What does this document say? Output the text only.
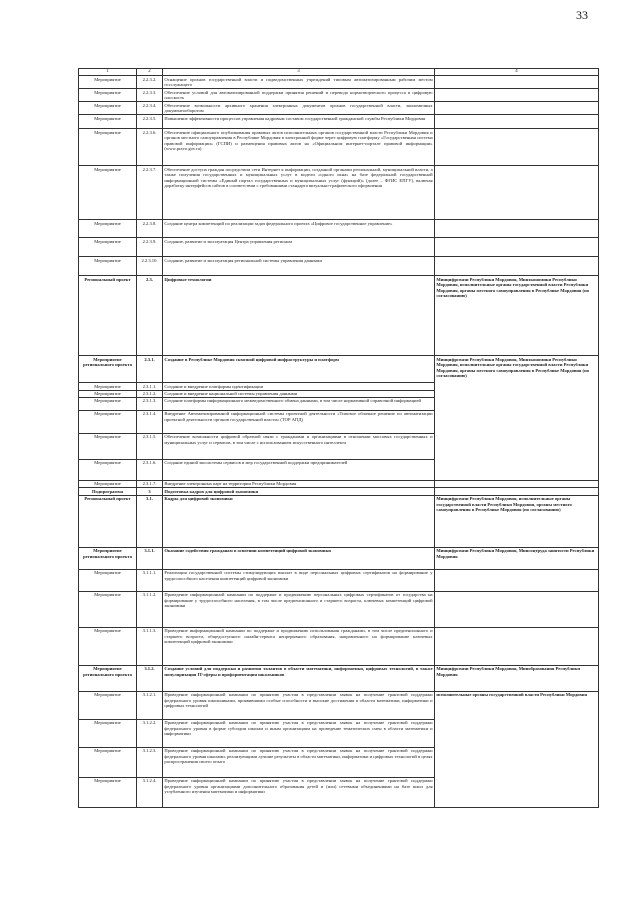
33
1	2	3	4
Мероприятие	2.2.3.2.	Оснащение органов государственной власти и подведомственных учреждений типовым автоматизированным рабочим местом госслужащего	
Мероприятие	2.2.3.3.	Обеспечение условий для автоматизированной поддержки принятия решений и перевода нормотворческого процесса в цифровую плоскость	
Мероприятие	2.2.3.4.	Обеспечение возможности архивного хранения электронных документов органов государственной власти, экономичных документооборотом	
Мероприятие	2.2.3.5.	Повышение эффективности процессов управления кадровым составом государственной гражданской службы Республики Мордовия	
Мероприятие	2.2.3.6.	Обеспечение официального опубликования правовых актов исполнительных органов государственной власти Республики Мордовия и органов местного самоуправления в Республике Мордовия в электронной форме через цифровую платформу «Государственная система правовой информации» (ГСПИ) и размещения правовых актов на «Официальном интернет-портале правовой информации» (www.pravo.gov.ru)	
Мероприятие	2.2.3.7.	Обеспечение доступа граждан посредством сети Интернет к информации, созданной органами региональной, муниципальной власти, а также получения государственных и муниципальных услуг в модели «одного окна» на базе федеральной государственной информационной системы «Единый портал государственных и муниципальных услуг (функций)» (далее – ФГИС ЕПГУ), включая доработку интерфейсов сайтов в соответствии с требованиями стандарта визуально-графического оформления	
Мероприятие	2.2.3.8.	Создание центра компетенций по реализации задач федерального проекта «Цифровое государственное управление»	
Мероприятие	2.2.3.9.	Создание, развитие и эксплуатация Центра управления регионом	
Мероприятие	2.2.3.10.	Создание, развитие и эксплуатация региональной системы управления данными	
Региональный проект	2.3.	Цифровые технологии	Минцифрсвязи Республики Мордовия, Минэкономики Республики Мордовия, исполнительные органы государственной власти Республики Мордовия, органы местного самоуправления в Республике Мордовия (по согласованию)
Мероприятие регионального проекта	2.3.1.	Создание в Республике Мордовия сквозной цифровой инфраструктуры и платформ	Минцифрсвязи Республики Мордовия, Минэкономики Республики Мордовия, исполнительные органы государственной власти Республики Мордовия, органы местного самоуправления в Республике Мордовия (по согласованию)
Мероприятие	2.3.1.1.	Создание и внедрение платформы идентификации	
Мероприятие	2.3.1.2.	Создание и внедрение национальной системы управления данными	
Мероприятие	2.3.1.3.	Создание платформы информационного межведомственного обмена данными, в том числе нормативной справочной информацией	
Мероприятие	2.3.1.4.	Внедрение Автоматизированной информационной системы проектной деятельности «Типовое облачное решение по автоматизации проектной деятельности органов государственной власти» (ТОР АПД)	
Мероприятие	2.3.1.5.	Обеспечение возможности цифровой обратной связи с гражданами и организациями в отношении массовых государственных и муниципальных услуг и сервисов, в том числе с использованием искусственного интеллекта	
Мероприятие	2.3.1.6.	Создание единой экосистемы сервисов и мер государственной поддержки предпринимателей	
Мероприятие	2.3.1.7.	Внедрение электронных карт на территории Республики Мордовия	
Подпрограмма	3	Подготовка кадров для цифровой экономики	
Региональный проект	3.1.	Кадры для цифровой экономики	Минцифрсвязи Республики Мордовия, исполнительные органы государственной власти Республики Мордовия, органы местного самоуправления в Республике Мордовия (по согласованию)
Мероприятие регионального проекта	3.1.1.	Оказание содействия гражданам в освоении компетенций цифровой экономики	Минцифрсвязи Республики Мордовия, Минсоцтруда занятости Республики Мордовия
Мероприятие	3.1.1.1.	Реализация государственной системы стимулирующих выплат в виде персональных цифровых сертификатов на формирование у трудоспособного населения компетенций цифровой экономики	
Мероприятие	3.1.1.2.	Проведение информационной кампании по поддержке и продвижению персональных цифровых сертификатов от государства на формирование у трудоспособного населения, в том числе предпенсионного и старшего возраста, ключевых компетенций цифровой экономики	
Мероприятие	3.1.1.3.	Проведение информационной кампании по поддержке и продвижению использования гражданами, в том числе предпенсионного и старшего возраста, общедоступного онлайн-сервиса непрерывного образования, направленного на формирование ключевых компетенций цифровой экономики	
Мероприятие регионального проекта	3.1.2.	Создание условий для поддержки и развития талантов в области математики, информатики, цифровых технологий, в также популяризация IT-сферы и профориентация школьников	Минцифрсвязи Республики Мордовия, Минобразования Республики Мордовия
Мероприятие	3.1.2.1.	Проведение информационной кампании по принятию участия в представлении заявок на получение грантовой поддержки федерального уровня школьниками, проявившими особые способности и высокие достижения в области математики, информатики и цифровых технологий	исполнительные органы государственной власти Республики Мордовия
Мероприятие	3.1.2.2.	Проведение информационной кампании по принятию участия в представлении заявок на получение грантовой поддержки федерального уровня в форме субсидии школам и иным организациям на проведение тематических смен в области математики и информатики	
Мероприятие	3.1.2.3.	Проведение информационной кампании по принятию участия в представлении заявок на получение грантовой поддержки федерального уровня школами, реализующими лучшие результаты в области математики, информатики и цифровых технологий в целях распространения своего опыта	
Мероприятие	3.1.2.4.	Проведение информационной кампании по принятию участия в представлении заявок на получение грантовой поддержки федерального уровня организациями дополнительного образования детей и (или) сетевыми объединениями на базе школ для углубленного изучения математики и информатики	
